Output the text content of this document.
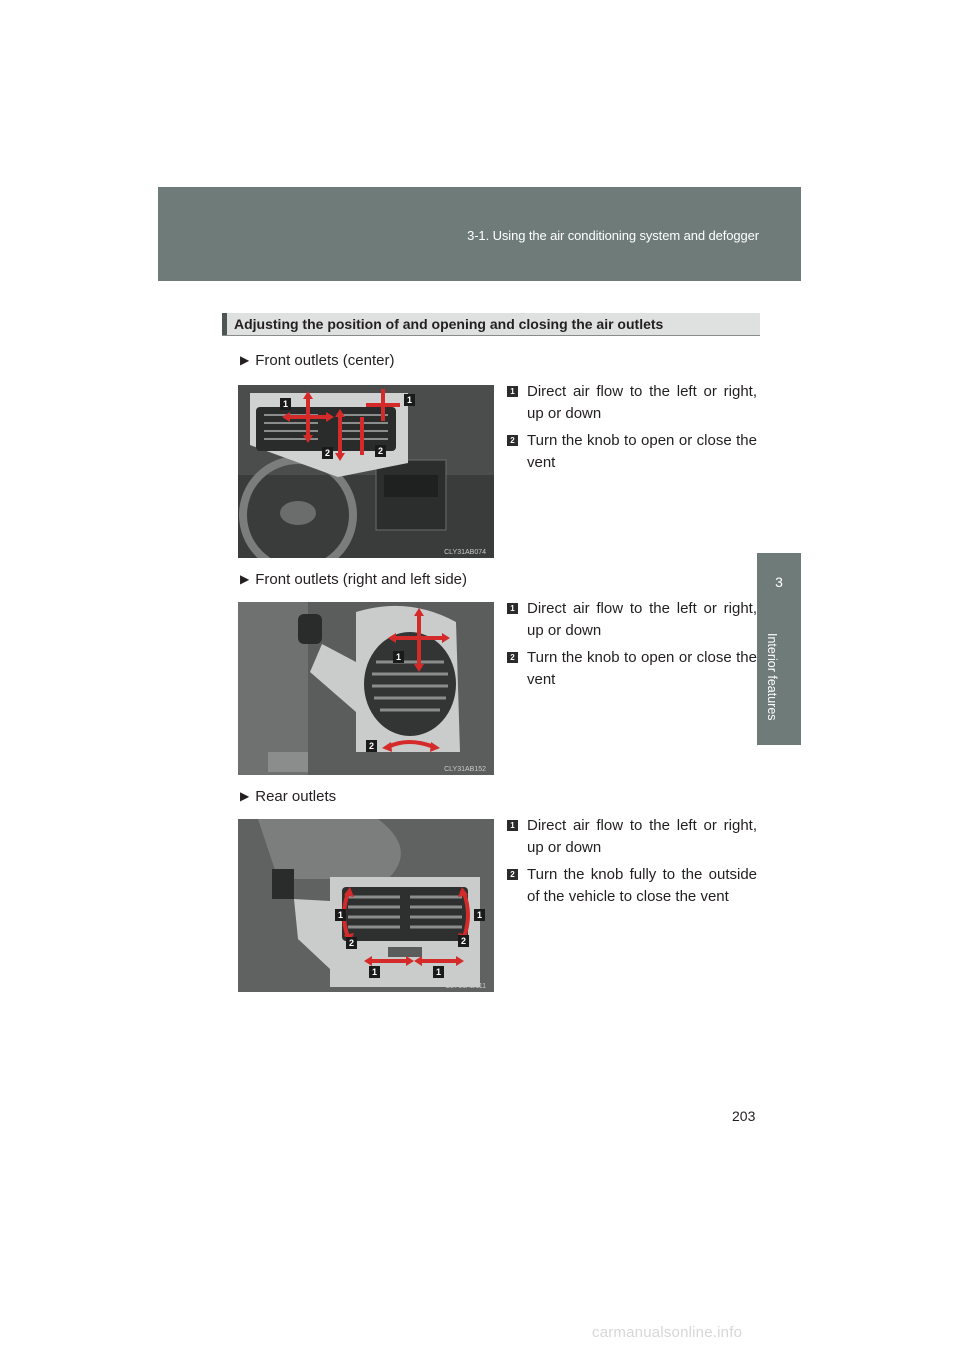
3-1. Using the air conditioning system and defogger
3
Interior features
Adjusting the position of and opening and closing the air outlets
▶ Front outlets (center)
1	1
2	2
CLY31AB074
1 Direct air flow to the left or right, up or down
2 Turn the knob to open or close the vent
▶ Front outlets (right and left side)
1
2
CLY31AB152
1 Direct air flow to the left or right, up or down
2 Turn the knob to open or close the vent
▶ Rear outlets
1	1
2	2
1	1
CLY31AB111
1 Direct air flow to the left or right, up or down
2 Turn the knob fully to the outside of the vehicle to close the vent
203
carmanualsonline.info
